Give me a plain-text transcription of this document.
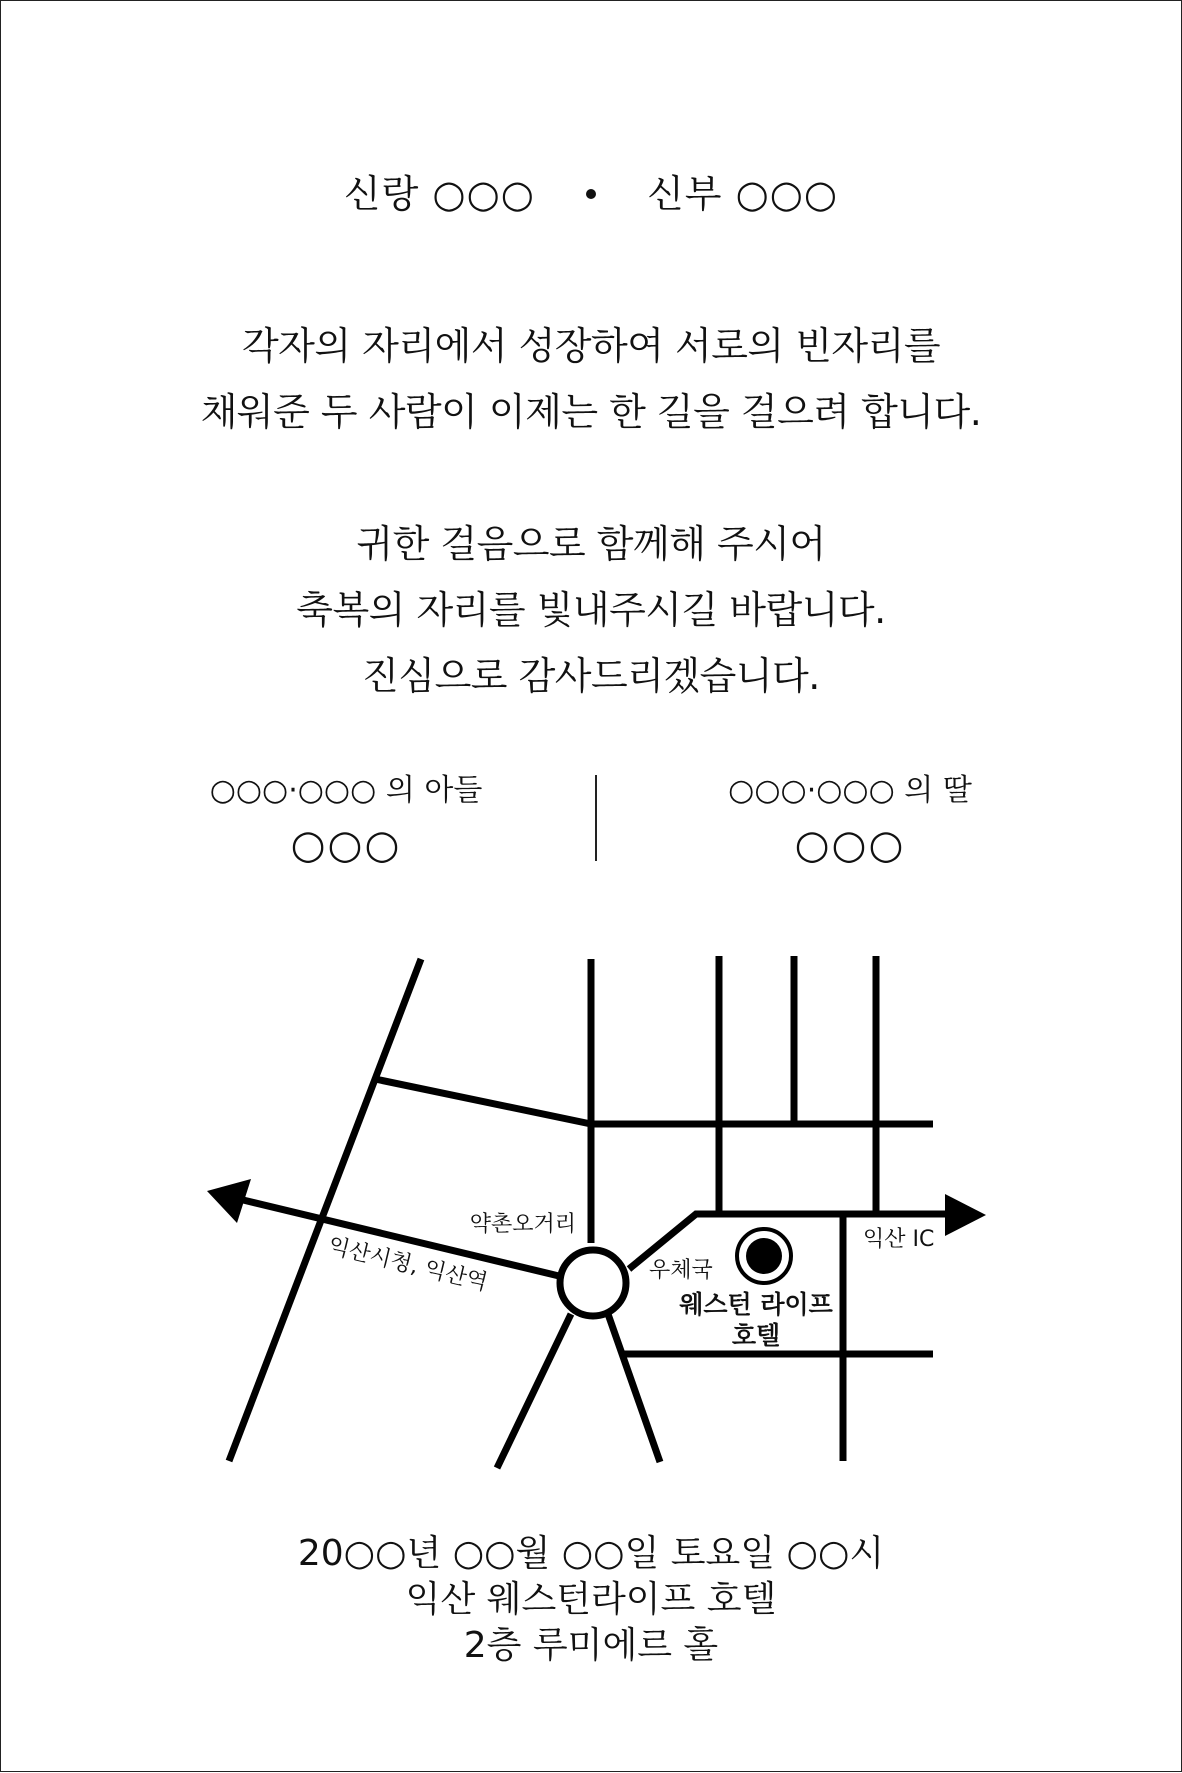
신랑 ○○○	신부 ○○○
각자의 자리에서 성장하여 서로의 빈자리를
채워준 두 사람이 이제는 한 길을 걸으려 합니다.
귀한 걸음으로 함께해 주시어
축복의 자리를 빛내주시길 바랍니다.
진심으로 감사드리겠습니다.
○○○·○○○ 의 아들
○○○
○○○·○○○ 의 딸
○○○
약촌오거리
익산시청, 익산역	우체국
웨스턴 라이프
호텔
익산 IC
20○○년 ○○월 ○○일 토요일 ○○시
익산 웨스턴라이프 호텔
2층 루미에르 홀
